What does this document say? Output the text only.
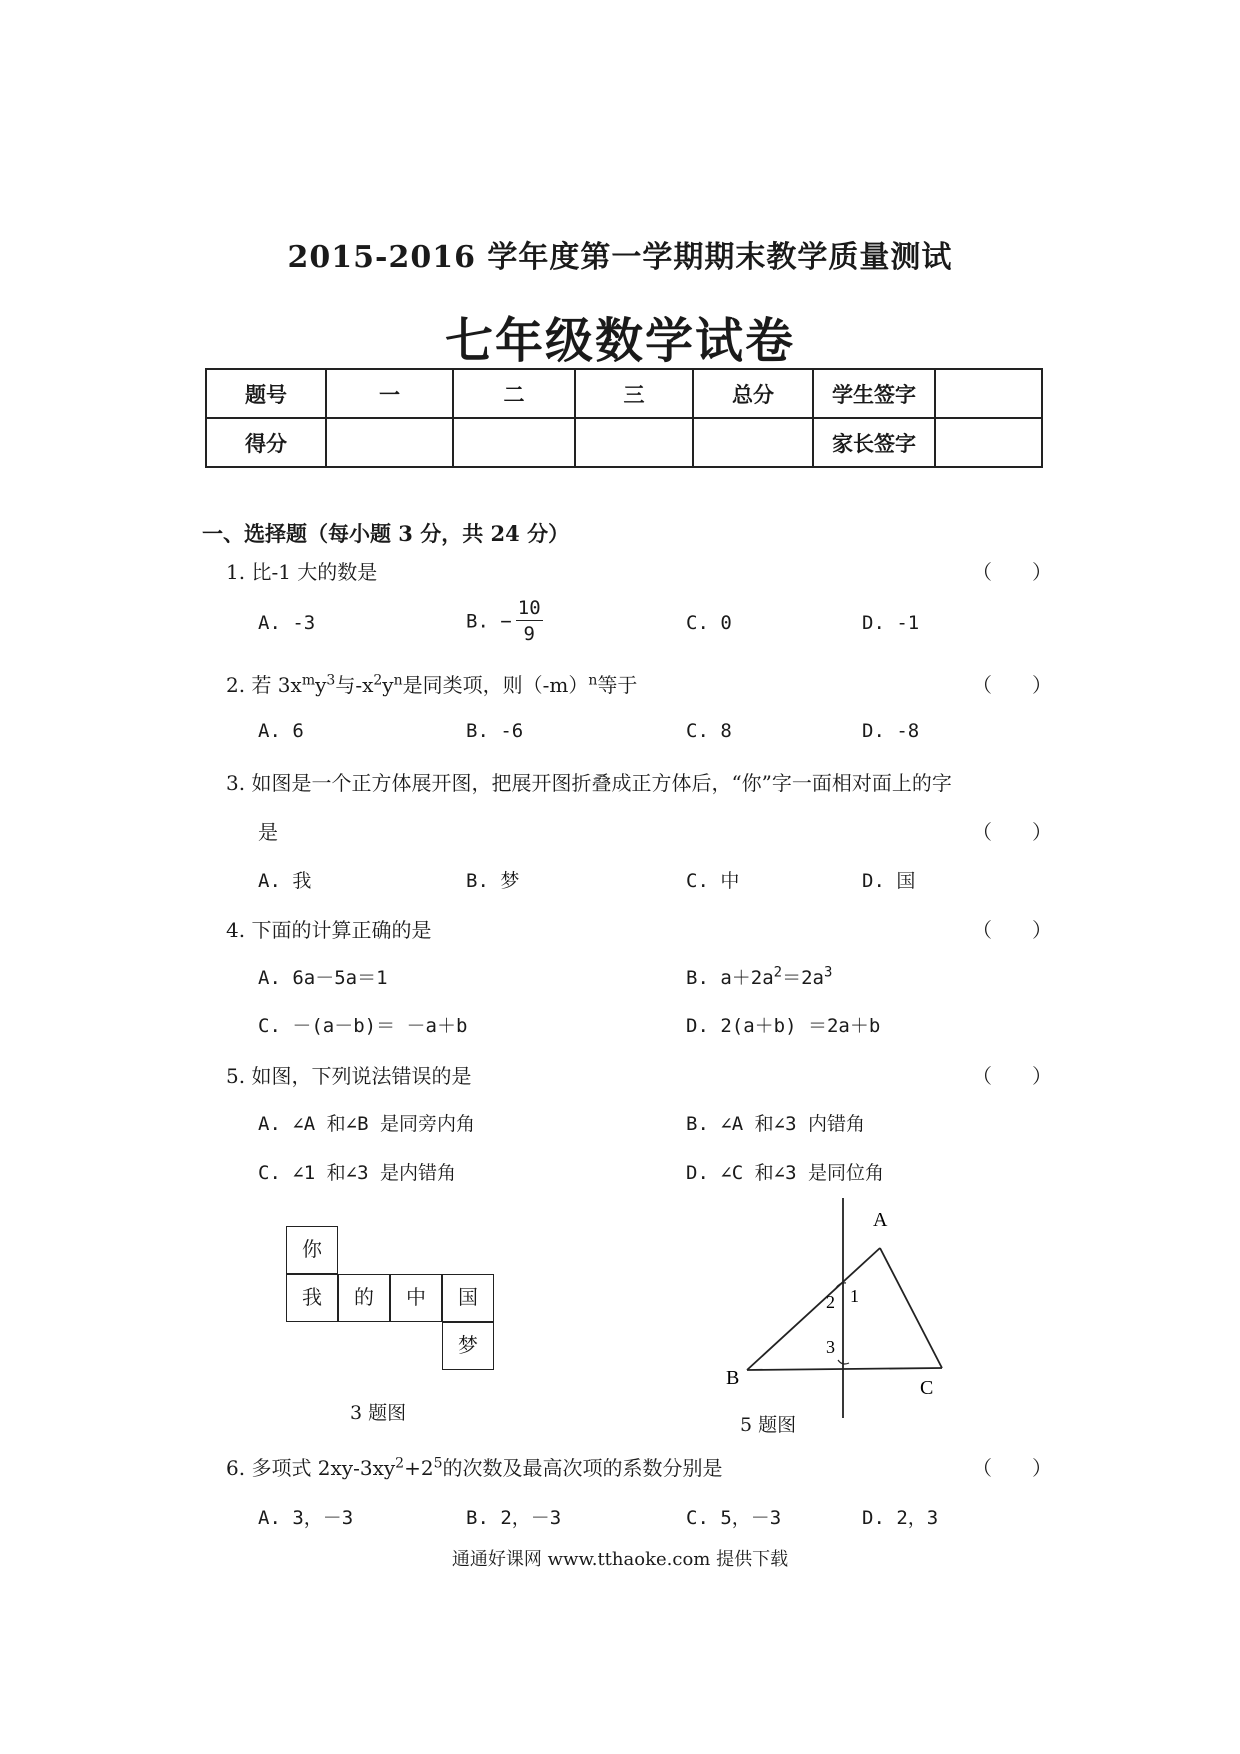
2015-2016 学年度第一学期期末教学质量测试
七年级数学试卷
题号	一	二	三	总分	学生签字	
得分					家长签字	
一、选择题（每小题 3 分，共 24 分）
1. 比-1 大的数是	（　　）
A. -3	B. − $\frac{10}{9}$	C. 0	D. -1
2. 若 $3x^my^3$与$-x^2y^n$是同类项，则$(-m)^n$等于	（　　）
A. 6	B. -6	C. 8	D. -8
3. 如图是一个正方体展开图，把展开图折叠成正方体后，“你”字一面相对面上的字
是	（　　）
A. 我	B. 梦	C. 中	D. 国
4. 下面的计算正确的是	（　　）
A. 6a－5a＝1	B. $a+2a^2=2a^3$
C. －(a－b)＝ －a＋b	D. 2(a＋b) ＝2a＋b
5. 如图，下列说法错误的是	（　　）
A. ∠A 和∠B 是同旁内角	B. ∠A 和∠3 内错角
C. ∠1 和∠3 是内错角	D. ∠C 和∠3 是同位角
你
我	的	中	国
梦
3 题图
A
B	C
1
2
3
5 题图
6. 多项式 $2xy-3xy^2+2^5$的次数及最高次项的系数分别是	（　　）
A. 3，－3	B. 2，－3	C. 5，－3	D. 2，3
通通好课网 www.tthaoke.com 提供下载
